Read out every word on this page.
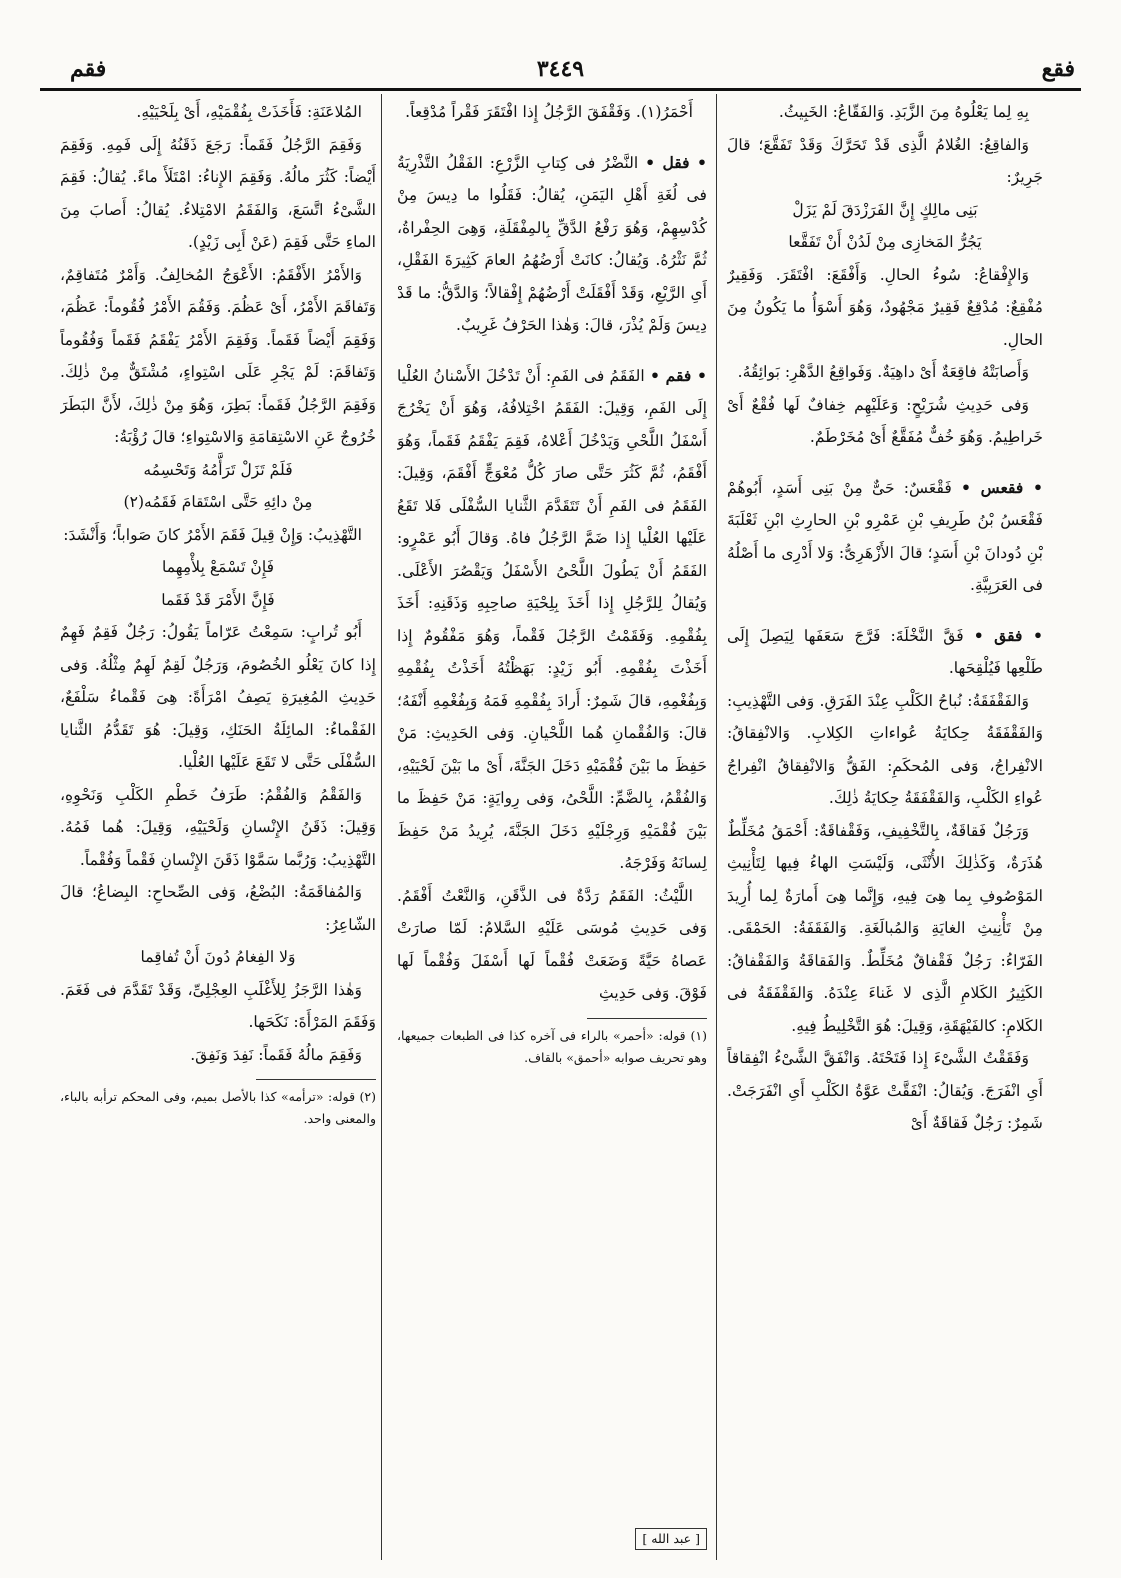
فقع
٣٤٤٩
فقم

بِهِ لِما يَعْلُوهُ مِنَ الزَّبَدِ. وَالفَقّاعُ: الخَبِيثُ.

وَالفاقِعُ: الغُلامُ الَّذِى قَدْ تَحَرَّكَ وَقَدْ تَفَقَّعَ؛ قالَ جَرِيرٌ:

بَنِى مالِكٍ إِنَّ الفَرَزْدَقَ لَمْ يَزَلْ

يَجُرُّ المَخازِى مِنْ لَدُنْ أَنْ تَفَقَّعا

وَالإِفْقاعُ: سُوءُ الحالِ. وَأَفْقَعَ: افْتَقَرَ. وَفَقِيرٌ مُفْقِعٌ: مُدْقِعٌ فَقِيرٌ مَجْهُودٌ، وَهُوَ أَسْوَأُ ما يَكُونُ مِنَ الحالِ.

وَأَصابَتْهُ فاقِعَةٌ أَىْ داهِيَةٌ. وَفَواقِعُ الدَّهْرِ: بَوائِقُهُ.

وَفى حَدِيثِ شُرَيْحٍ: وَعَلَيْهِم خِفافٌ لَها فُقْعٌ أَىْ خَراطِيمُ. وَهُوَ خُفٌّ مُفَقَّعٌ أَىْ مُخَرْطَمٌ.

• فقعس • فَقْعَسٌ: حَىٌّ مِنْ بَنِى أَسَدٍ، أَبُوهُمْ فَقْعَسُ بْنُ طَرِيفِ بْنِ عَمْرِو بْنِ الحارِثِ ابْنِ ثَعْلَبَةَ بْنِ دُودانَ بْنِ أَسَدٍ؛ قالَ الأَزْهَرِىُّ: وَلا أَدْرِى ما أَصْلُهُ فى العَرَبِيَّةِ.

• فقق • فَقَّ النَّخْلَةَ: فَرَّجَ سَعَفَها لِيَصِلَ إِلَى طَلْعِها فَيُلْقِحَها.

وَالفَقْفَقَةُ: نُباحُ الكَلْبِ عِنْدَ الفَرَقِ. وَفى التَّهْذِيبِ: وَالفَقْفَقَةُ حِكايَةُ عُواءاتِ الكِلابِ. وَالانْفِقاقُ: الانْفِراجُ، وَفى المُحكَمِ: الفَقُّ وَالانْفِقاقُ انْفِراجُ عُواءِ الكَلْبِ، وَالفَقْفَقَةُ حِكايَةُ ذٰلِكَ.

وَرَجُلٌ فَقاقَةٌ، بِالتَّخْفِيفِ، وَفَقْفاقَةٌ: أَحْمَقُ مُخَلِّطٌ هُذَرَةٌ، وَكَذٰلِكَ الأُنْثَى، وَلَيْسَتِ الهاءُ فِيها لِتَأْنِيثِ المَوْصُوفِ بِما هِىَ فِيهِ، وَإِنَّما هِىَ أَمارَةٌ لِما أُرِيدَ مِنْ تَأْنِيثِ الغايَةِ وَالمُبالَغَةِ. وَالفَقَفَةُ: الحَمْقَى. الفَرّاءُ: رَجُلٌ فَقْفاقٌ مُخَلِّطٌ. وَالفَقاقَةُ وَالفَقْفاقُ: الكَثِيرُ الكَلامِ الَّذِى لا غَناءَ عِنْدَهُ. وَالفَقْفَقَةُ فى الكَلامِ: كالفَيْهَقَةِ، وَقِيلَ: هُوَ التَّخْلِيطُ فِيهِ.

وَفَقَقْتُ الشَّىْءَ إِذا فَتَحْتَهُ. وَانْفَقَّ الشَّىْءُ انْفِقاقاً أَىِ انْفَرَجَ. وَيُقالُ: انْفَقَّتْ عَوَّةُ الكَلْبِ أَىِ انْفَرَجَتْ. شَمِرٌ: رَجُلٌ فَقاقَةٌ أَىْ

أَحْمَرُ(١). وَفَقْفَقَ الرَّجُلُ إِذا افْتَقَرَ فَقْراً مُدْقِعاً.

• فقل • النَّضْرُ فى كِتابِ الزَّرْعِ: الفَقْلُ التَّذْرِيَةُ فى لُغَةِ أَهْلِ اليَمَنِ، يُقالُ: فَقَلُوا ما دِيسَ مِنْ كُدْسِهِمْ، وَهُوَ رَفْعُ الدَّقِّ بِالمِفْقَلَةِ، وَهِىَ الحِفْراةُ، ثُمَّ نَثْرُهُ. وَيُقالُ: كانَتْ أَرْضُهُمُ العامَ كَثِيرَةَ الفَقْلِ، أَىِ الرَّيْعِ، وَقَدْ أَفْقَلَتْ أَرْضُهُمْ إِفْقالاً؛ وَالدَّقُّ: ما قَدْ دِيسَ وَلَمْ يُذْرَ، قالَ: وَهٰذا الحَرْفُ غَرِيبٌ.

• فقم • الفَقَمُ فى الفَمِ: أَنْ تَدْخُلَ الأَسْنانُ العُلْيا إِلَى الفَمِ، وَقِيلَ: الفَقَمُ اخْتِلافُهُ، وَهُوَ أَنْ يَخْرُجَ أَسْفَلُ اللَّحْىِ وَيَدْخُلَ أَعْلاهُ، فَقِمَ يَفْقَمُ فَقَماً، وَهُوَ أَفْقَمُ، ثُمَّ كَثُرَ حَتَّى صارَ كُلُّ مُعْوَجٍّ أَفْقَمَ، وَقِيلَ: الفَقَمُ فى الفَمِ أَنْ تَتَقَدَّمَ الثَّنايا السُّفْلَى فَلا تَقَعُ عَلَيْها العُلْيا إِذا ضَمَّ الرَّجُلُ فاهُ. وَقالَ أَبُو عَمْرٍو: الفَقَمُ أَنْ يَطُولَ اللَّحْىُ الأَسْفَلُ وَيَقْصُرَ الأَعْلَى. وَيُقالُ لِلرَّجُلِ إِذا أَخَذَ بِلِحْيَةِ صاحِبِهِ وَذَقَنِهِ: أَخَذَ بِفُقْمِهِ. وَفَقَمْتُ الرَّجُلَ فَقْماً، وَهُوَ مَفْقُومٌ إِذا أَخَذْتَ بِفُقْمِهِ. أَبُو زَيْدٍ: بَهَظْتُهُ أَخَذْتُ بِفُقْمِهِ وَبِفُغْمِهِ، قالَ شَمِرٌ: أَرادَ بِفُقْمِهِ فَمَهُ وَبِفُغْمِهِ أَنْفَهُ؛ قالَ: وَالفُقْمانِ هُما اللَّحْيانِ. وَفى الحَدِيثِ: مَنْ حَفِظَ ما بَيْنَ فُقْمَيْهِ دَخَلَ الجَنَّةَ، أَىْ ما بَيْنَ لَحْيَيْهِ، وَالفُقْمُ، بِالضَّمِّ: اللَّحْىُ، وَفى رِوايَةٍ: مَنْ حَفِظَ ما بَيْنَ فُقْمَيْهِ وَرِجْلَيْهِ دَخَلَ الجَنَّةَ، يُرِيدُ مَنْ حَفِظَ لِسانَهُ وَفَرْجَهُ.

اللَّيْثُ: الفَقَمُ رَدَّةٌ فى الذَّقَنِ، وَالنَّعْتُ أَفْقَمُ. وَفى حَدِيثِ مُوسَى عَلَيْهِ السَّلامُ: لَمّا صارَتْ عَصاهُ حَيَّةً وَضَعَتْ فُقْماً لَها أَسْفَلَ وَفُقْماً لَها فَوْقَ. وَفى حَدِيثِ

(١) قوله: «أحمر» بالراء فى آخره كذا فى الطبعات جميعها، وهو تحريف صوابه «أحمق» بالقاف.

المُلاعَنَةِ: فَأَخَذَتْ بِفُقْمَيْهِ، أَىْ بِلَحْيَيْهِ.

وَفَقِمَ الرَّجُلُ فَقَماً: رَجَعَ ذَقَنُهُ إِلَى فَمِهِ. وَفَقِمَ أَيْضاً: كَثُرَ مالُهُ. وَفَقِمَ الإِناءُ: امْتَلَأَ ماءً. يُقالُ: فَقِمَ الشَّىْءُ اتَّسَعَ، وَالفَقَمُ الامْتِلاءُ. يُقالُ: أَصابَ مِنَ الماءِ حَتَّى فَقِمَ (عَنْ أَبِى زَيْدٍ).

وَالأَمْرُ الأَفْقَمُ: الأَعْوَجُ المُخالِفُ. وَأَمْرٌ مُتَفاقِمٌ، وَتَفاقَمَ الأَمْرُ، أَىْ عَظُمَ. وَفَقُمَ الأَمْرُ فُقُوماً: عَظُمَ، وَفَقِمَ أَيْضاً فَقَماً. وَفَقِمَ الأَمْرُ يَفْقَمُ فَقَماً وَفُقُوماً وَتَفاقَمَ: لَمْ يَجْرِ عَلَى اسْتِواءٍ، مُشْتَقٌّ مِنْ ذٰلِكَ. وَفَقِمَ الرَّجُلُ فَقَماً: بَطِرَ، وَهُوَ مِنْ ذٰلِكَ، لأَنَّ البَطَرَ خُرُوجٌ عَنِ الاسْتِقامَةِ وَالاسْتِواءِ؛ قالَ رُؤْبَةُ:

فَلَمْ تَزَلْ تَرَأَّمُهُ وَتَحْسِمُه

مِنْ دائِهِ حَتَّى اسْتَقامَ فَقَمُه(٢)

التَّهْذِيبُ: وَإِنْ قِيلَ فَقَمَ الأَمْرُ كانَ صَواباً؛ وَأَنْشَدَ:

فَإِنْ تَسْمَعْ بِلأْمِهِما

فَإِنَّ الأَمْرَ قَدْ فَقَما

أَبُو تُرابٍ: سَمِعْتُ عَرّاماً يَقُولُ: رَجُلٌ فَقِمٌ فَهِمٌ إِذا كانَ يَعْلُو الخُصُومَ، وَرَجُلٌ لَقِمٌ لَهِمٌ مِثْلُهُ. وَفى حَدِيثِ المُغِيرَةِ يَصِفُ امْرَأَةً: هِىَ فَقْماءُ سَلْفَعٌ، الفَقْماءُ: المائِلَةُ الحَنَكِ، وَقِيلَ: هُوَ تَقَدُّمُ الثَّنايا السُّفْلَى حَتَّى لا تَقَعَ عَلَيْها العُلْيا.

وَالفَقْمُ وَالفُقْمُ: طَرَفُ خَطْمِ الكَلْبِ وَنَحْوِهِ، وَقِيلَ: ذَقَنُ الإِنْسانِ وَلَحْيَيْهِ، وَقِيلَ: هُما فَمُهُ. التَّهْذِيبُ: وَرُبَّما سَمَّوْا ذَقَنَ الإِنْسانِ فَقْماً وَفُقْماً.

وَالمُفاقَمَةُ: البُضْعُ، وَفى الصِّحاحِ: البِضاعُ؛ قالَ الشّاعِرُ:

وَلا الفِغامُ دُونَ أَنْ تُفاقِما

وَهٰذا الرَّجَزُ لِلأَغْلَبِ العِجْلِىِّ، وَقَدْ تَقَدَّمَ فى فَغَمَ. وَفَقَمَ المَرْأَةَ: نَكَحَها.

وَفَقِمَ مالُهُ فَقَماً: نَفِدَ وَنَفِقَ.

(٢) قوله: «ترأمه» كذا بالأصل بميم، وفى المحكم ترأبه بالباء، والمعنى واحد.

[ عبد الله ]
